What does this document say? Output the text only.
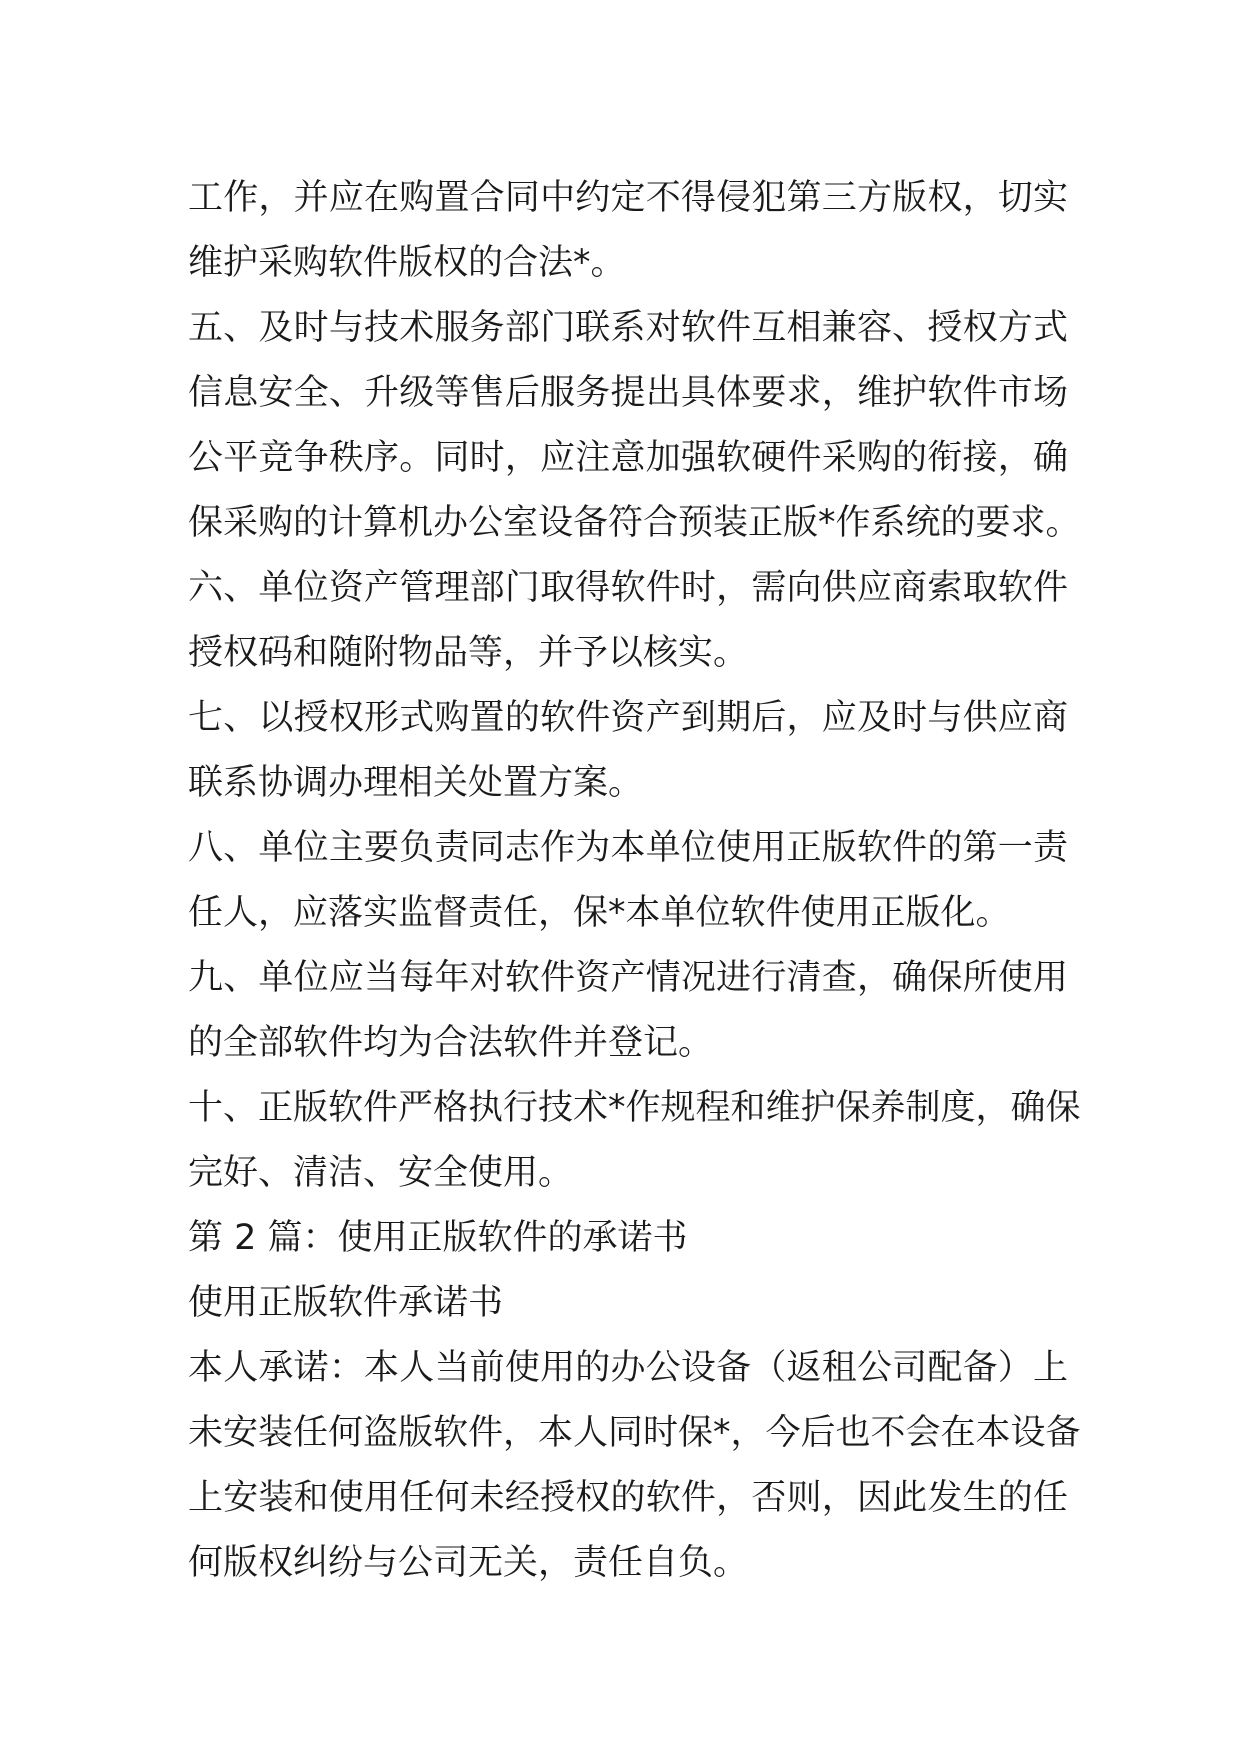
工作，并应在购置合同中约定不得侵犯第三方版权，切实
维护采购软件版权的合法*。
五、及时与技术服务部门联系对软件互相兼容、授权方式
信息安全、升级等售后服务提出具体要求，维护软件市场
公平竞争秩序。同时，应注意加强软硬件采购的衔接，确
保采购的计算机办公室设备符合预装正版*作系统的要求。
六、单位资产管理部门取得软件时，需向供应商索取软件
授权码和随附物品等，并予以核实。
七、以授权形式购置的软件资产到期后，应及时与供应商
联系协调办理相关处置方案。
八、单位主要负责同志作为本单位使用正版软件的第一责
任人，应落实监督责任，保*本单位软件使用正版化。
九、单位应当每年对软件资产情况进行清查，确保所使用
的全部软件均为合法软件并登记。
十、正版软件严格执行技术*作规程和维护保养制度，确保
完好、清洁、安全使用。
第 2 篇：使用正版软件的承诺书
使用正版软件承诺书
本人承诺：本人当前使用的办公设备（返租公司配备）上
未安装任何盗版软件，本人同时保*，今后也不会在本设备
上安装和使用任何未经授权的软件，否则，因此发生的任
何版权纠纷与公司无关，责任自负。
